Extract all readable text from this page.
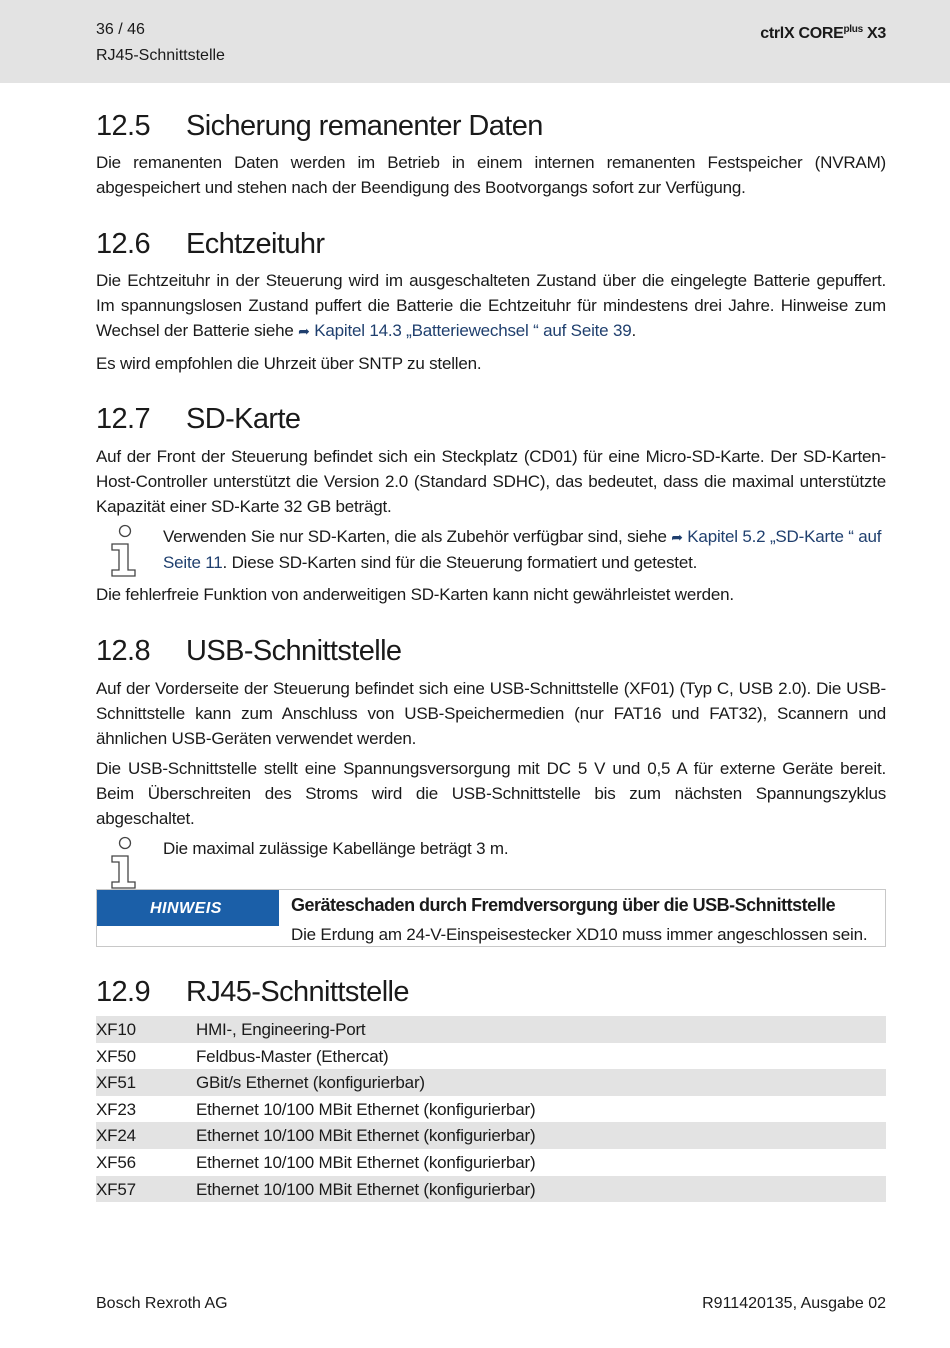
36 / 46
RJ45-Schnittstelle
ctrlX $CORE^{plus}$ X3
12.5 Sicherung remanenter Daten

Die remanenten Daten werden im Betrieb in einem internen remanenten Festspeicher (NVRAM) abgespeichert und stehen nach der Beendigung des Bootvorgangs sofort zur Verfügung.

12.6 Echtzeituhr

Die Echtzeituhr in der Steuerung wird im ausgeschalteten Zustand über die eingelegte Batterie gepuffert. Im spannungslosen Zustand puffert die Batterie die Echtzeituhr für mindestens drei Jahre. Hinweise zum Wechsel der Batterie siehe ➦ Kapitel 14.3 „Batteriewechsel “ auf Seite 39.

Es wird empfohlen die Uhrzeit über SNTP zu stellen.

12.7 SD-Karte

Auf der Front der Steuerung befindet sich ein Steckplatz (CD01) für eine Micro-SD-Karte. Der SD-Karten-Host-Controller unterstützt die Version 2.0 (Standard SDHC), das bedeutet, dass die maximal unterstützte Kapazität einer SD-Karte 32 GB beträgt.

Verwenden Sie nur SD-Karten, die als Zubehör verfügbar sind, siehe ➦ Kapitel 5.2 „SD-Karte “ auf Seite 11. Diese SD-Karten sind für die Steuerung formatiert und getestet.

Die fehlerfreie Funktion von anderweitigen SD-Karten kann nicht gewährleistet werden.

12.8 USB-Schnittstelle

Auf der Vorderseite der Steuerung befindet sich eine USB-Schnittstelle (XF01) (Typ C, USB 2.0). Die USB-Schnittstelle kann zum Anschluss von USB-Speichermedien (nur FAT16 und FAT32), Scannern und ähnlichen USB-Geräten verwendet werden.

Die USB-Schnittstelle stellt eine Spannungsversorgung mit DC 5 V und 0,5 A für externe Geräte bereit. Beim Überschreiten des Stroms wird die USB-Schnittstelle bis zum nächsten Spannungszyklus abgeschaltet.

Die maximal zulässige Kabellänge beträgt 3 m.

HINWEIS	Geräteschaden durch Fremdversorgung über die USB-Schnittstelle
Die Erdung am 24-V-Einspeisestecker XD10 muss immer angeschlossen sein.
12.9 RJ45-Schnittstelle
XF10	HMI-, Engineering-Port
XF50	Feldbus-Master (Ethercat)
XF51	GBit/s Ethernet (konfigurierbar)
XF23	Ethernet 10/100 MBit Ethernet (konfigurierbar)
XF24	Ethernet 10/100 MBit Ethernet (konfigurierbar)
XF56	Ethernet 10/100 MBit Ethernet (konfigurierbar)
XF57	Ethernet 10/100 MBit Ethernet (konfigurierbar)
Bosch Rexroth AG	R911420135, Ausgabe 02
